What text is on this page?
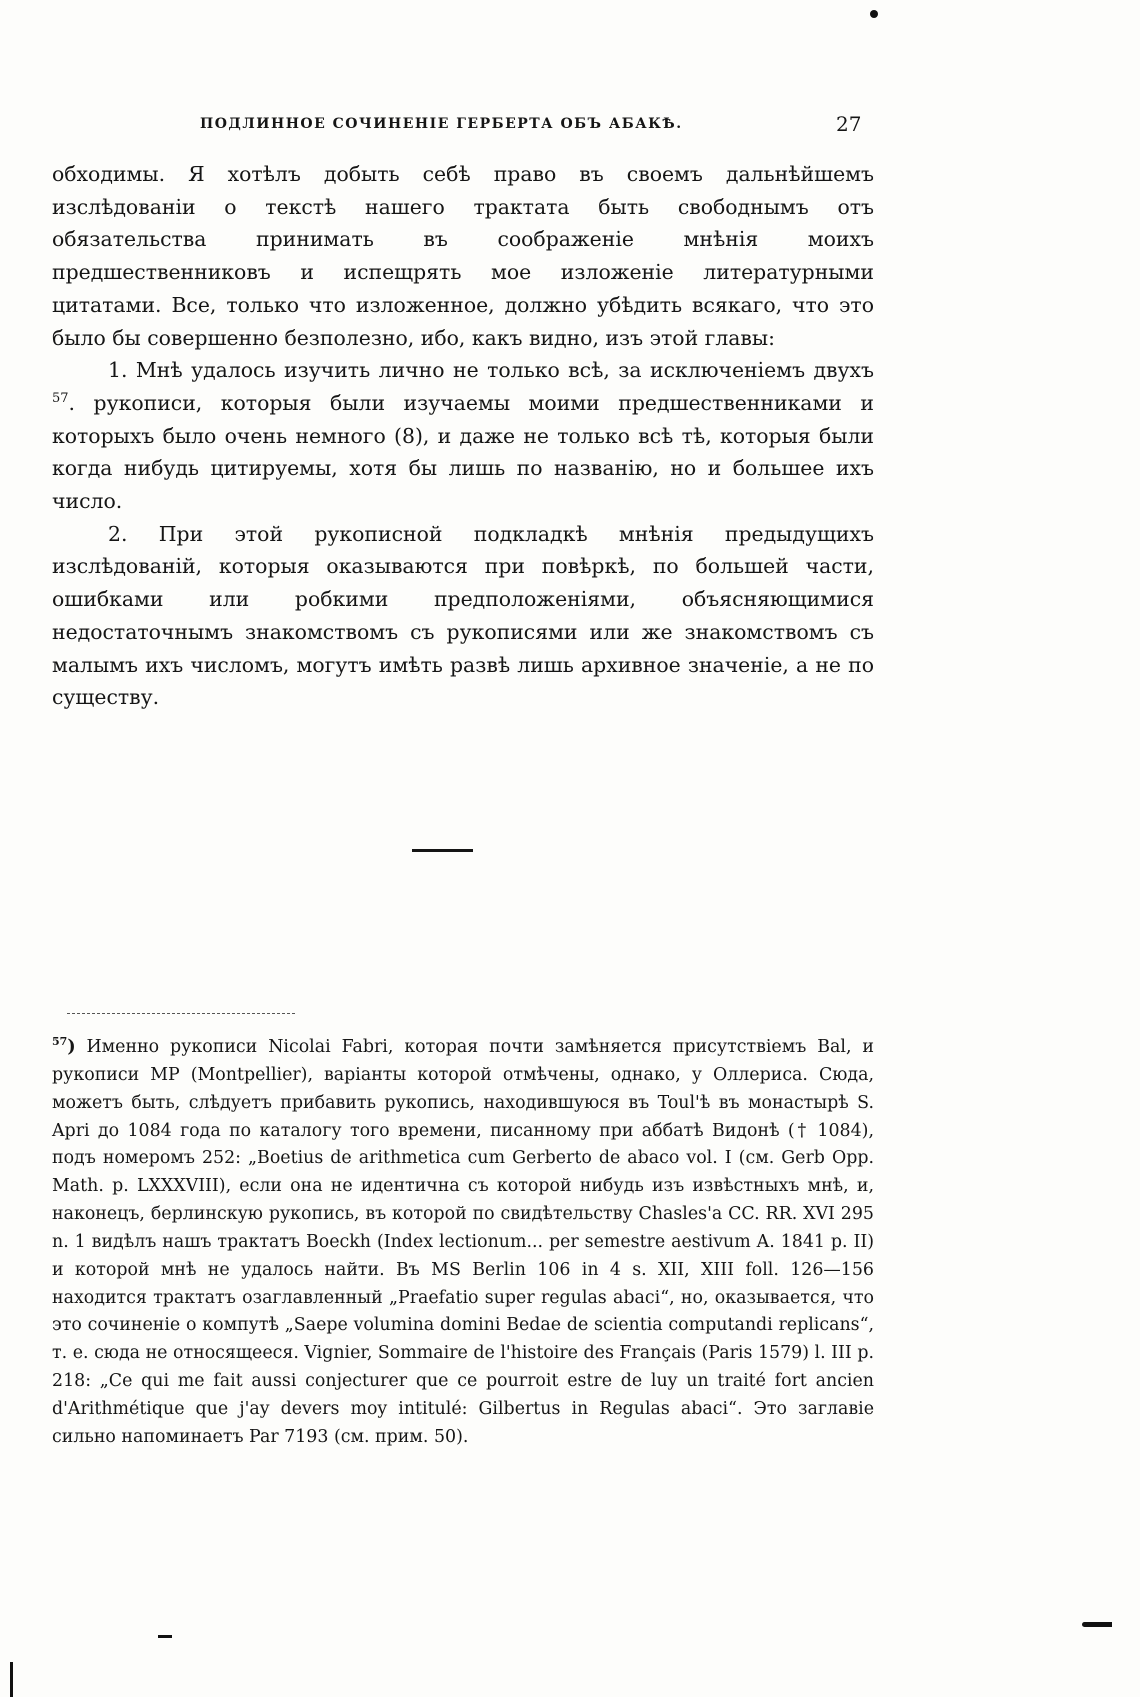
ПОДЛИННОЕ СОЧИНЕНІЕ ГЕРБЕРТА ОБЪ АБАКѢ.	27

обходимы. Я хотѣлъ добыть себѣ право въ своемъ дальнѣйшемъ изслѣдованіи о текстѣ нашего трактата быть свободнымъ отъ обязательства принимать въ соображеніе мнѣнія моихъ предшественниковъ и испещрять мое изложеніе литературными цитатами. Все, только что изложенное, должно убѣдить всякаго, что это было бы совершенно безполезно, ибо, какъ видно, изъ этой главы:

1. Мнѣ удалось изучить лично не только всѣ, за исключеніемъ двухъ $^{57}$. рукописи, которыя были изучаемы моими предшественниками и которыхъ было очень немного (8), и даже не только всѣ тѣ, которыя были когда нибудь цитируемы, хотя бы лишь по названію, но и большее ихъ число.

2. При этой рукописной подкладкѣ мнѣнія предыдущихъ изслѣдованій, которыя оказываются при повѣркѣ, по большей части, ошибками или робкими предположеніями, объясняющимися недостаточнымъ знакомствомъ съ рукописями или же знакомствомъ съ малымъ ихъ числомъ, могутъ имѣть развѣ лишь архивное значеніе, а не по существу.

$^{57}$) Именно рукописи Nicolai Fabri, которая почти замѣняется присутствіемъ Bal, и рукописи MP (Montpellier), варіанты которой отмѣчены, однако, у Оллериса. Сюда, можетъ быть, слѣдуетъ прибавить рукопись, находившуюся въ Toul'ѣ въ монастырѣ S. Apri до 1084 года по каталогу того времени, писанному при аббатѣ Видонѣ († 1084), подъ номеромъ 252: „Boetius de arithmetica cum Gerberto de abaco vol. I (см. Gerb Opp. Math. p. LXXXVIII), если она не идентична съ которой нибудь изъ извѣстныхъ мнѣ, и, наконецъ, берлинскую рукопись, въ которой по свидѣтельству Chasles'а CC. RR. XVI 295 n. 1 видѣлъ нашъ трактатъ Boeckh (Index lectionum... per semestre aestivum A. 1841 p. II) и которой мнѣ не удалось найти. Въ MS Berlin 106 in 4 s. XII, XIII foll. 126—156 находится трактатъ озаглавленный „Praefatio super regulas abaci“, но, оказывается, что это сочиненіе о компутѣ „Saepe volumina domini Bedae de scientia computandi replicans“, т. е. сюда не относящееся. Vignier, Sommaire de l'histoire des Français (Paris 1579) l. III p. 218: „Ce qui me fait aussi conjecturer que ce pourroit estre de luy un traité fort ancien d'Arithmétique que j'ay devers moy intitulé: Gilbertus in Regulas abaci“. Это заглавіе сильно напоминаетъ Par 7193 (см. прим. 50).
